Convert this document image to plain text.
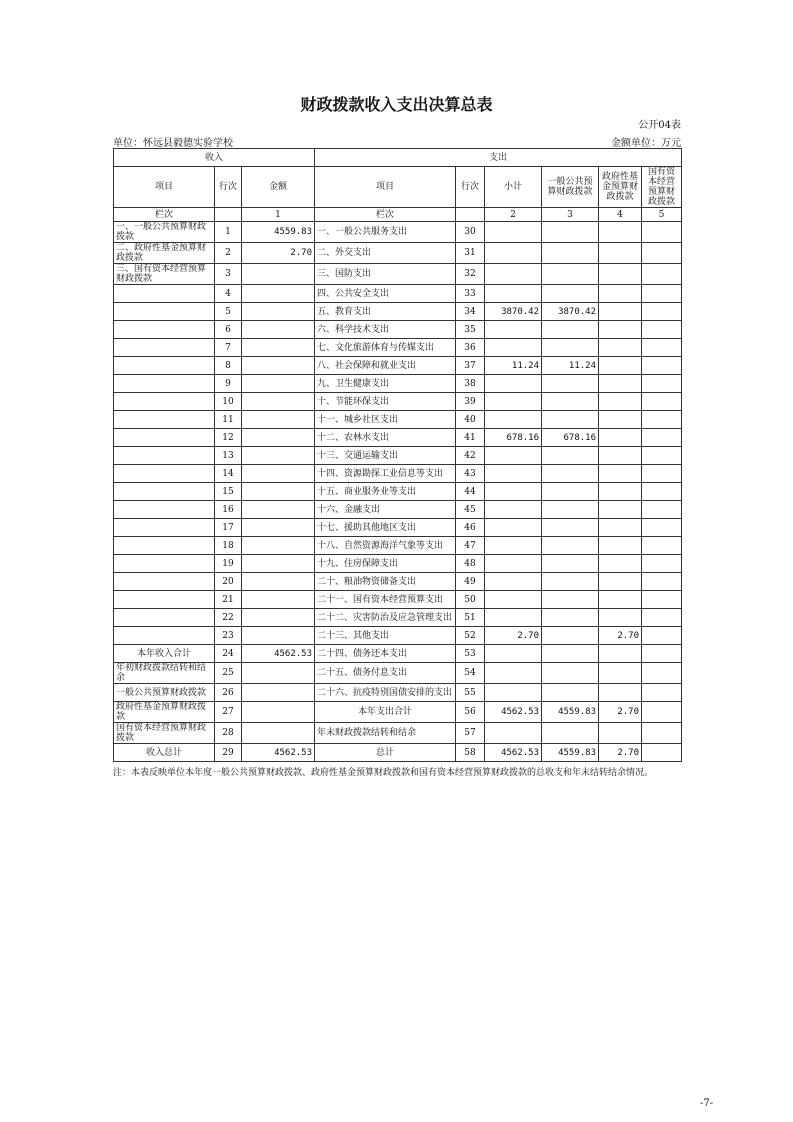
财政拨款收入支出决算总表
公开04表
单位：怀远县毅德实验学校	金额单位：万元
收入			支出					
项目	行次	金额	项目	行次	小计	一般公共预算财政拨款	政府性基金预算财政拨款	国有资本经营预算财政拨款
栏次		1	栏次		2	3	4	5
一、一般公共预算财政拨款	1	4559.83	一、一般公共服务支出	30				
二、政府性基金预算财政拨款	2	2.70	二、外交支出	31				
三、国有资本经营预算财政拨款	3		三、国防支出	32				
	4		四、公共安全支出	33				
	5		五、教育支出	34	3870.42	3870.42		
	6		六、科学技术支出	35				
	7		七、文化旅游体育与传媒支出	36				
	8		八、社会保障和就业支出	37	11.24	11.24		
	9		九、卫生健康支出	38				
	10		十、节能环保支出	39				
	11		十一、城乡社区支出	40				
	12		十二、农林水支出	41	678.16	678.16		
	13		十三、交通运输支出	42				
	14		十四、资源勘探工业信息等支出	43				
	15		十五、商业服务业等支出	44				
	16		十六、金融支出	45				
	17		十七、援助其他地区支出	46				
	18		十八、自然资源海洋气象等支出	47				
	19		十九、住房保障支出	48				
	20		二十、粮油物资储备支出	49				
	21		二十一、国有资本经营预算支出	50				
	22		二十二、灾害防治及应急管理支出	51				
	23		二十三、其他支出	52	2.70		2.70	
本年收入合计	24	4562.53	二十四、债务还本支出	53				
年初财政拨款结转和结余	25		二十五、债务付息支出	54				
一般公共预算财政拨款	26		二十六、抗疫特别国债安排的支出	55				
政府性基金预算财政拨款	27		本年支出合计	56	4562.53	4559.83	2.70	
国有资本经营预算财政拨款	28		年末财政拨款结转和结余	57				
收入总计	29	4562.53	总计	58	4562.53	4559.83	2.70	
注：本表反映单位本年度一般公共预算财政拨款、政府性基金预算财政拨款和国有资本经营预算财政拨款的总收支和年末结转结余情况。
-7-
